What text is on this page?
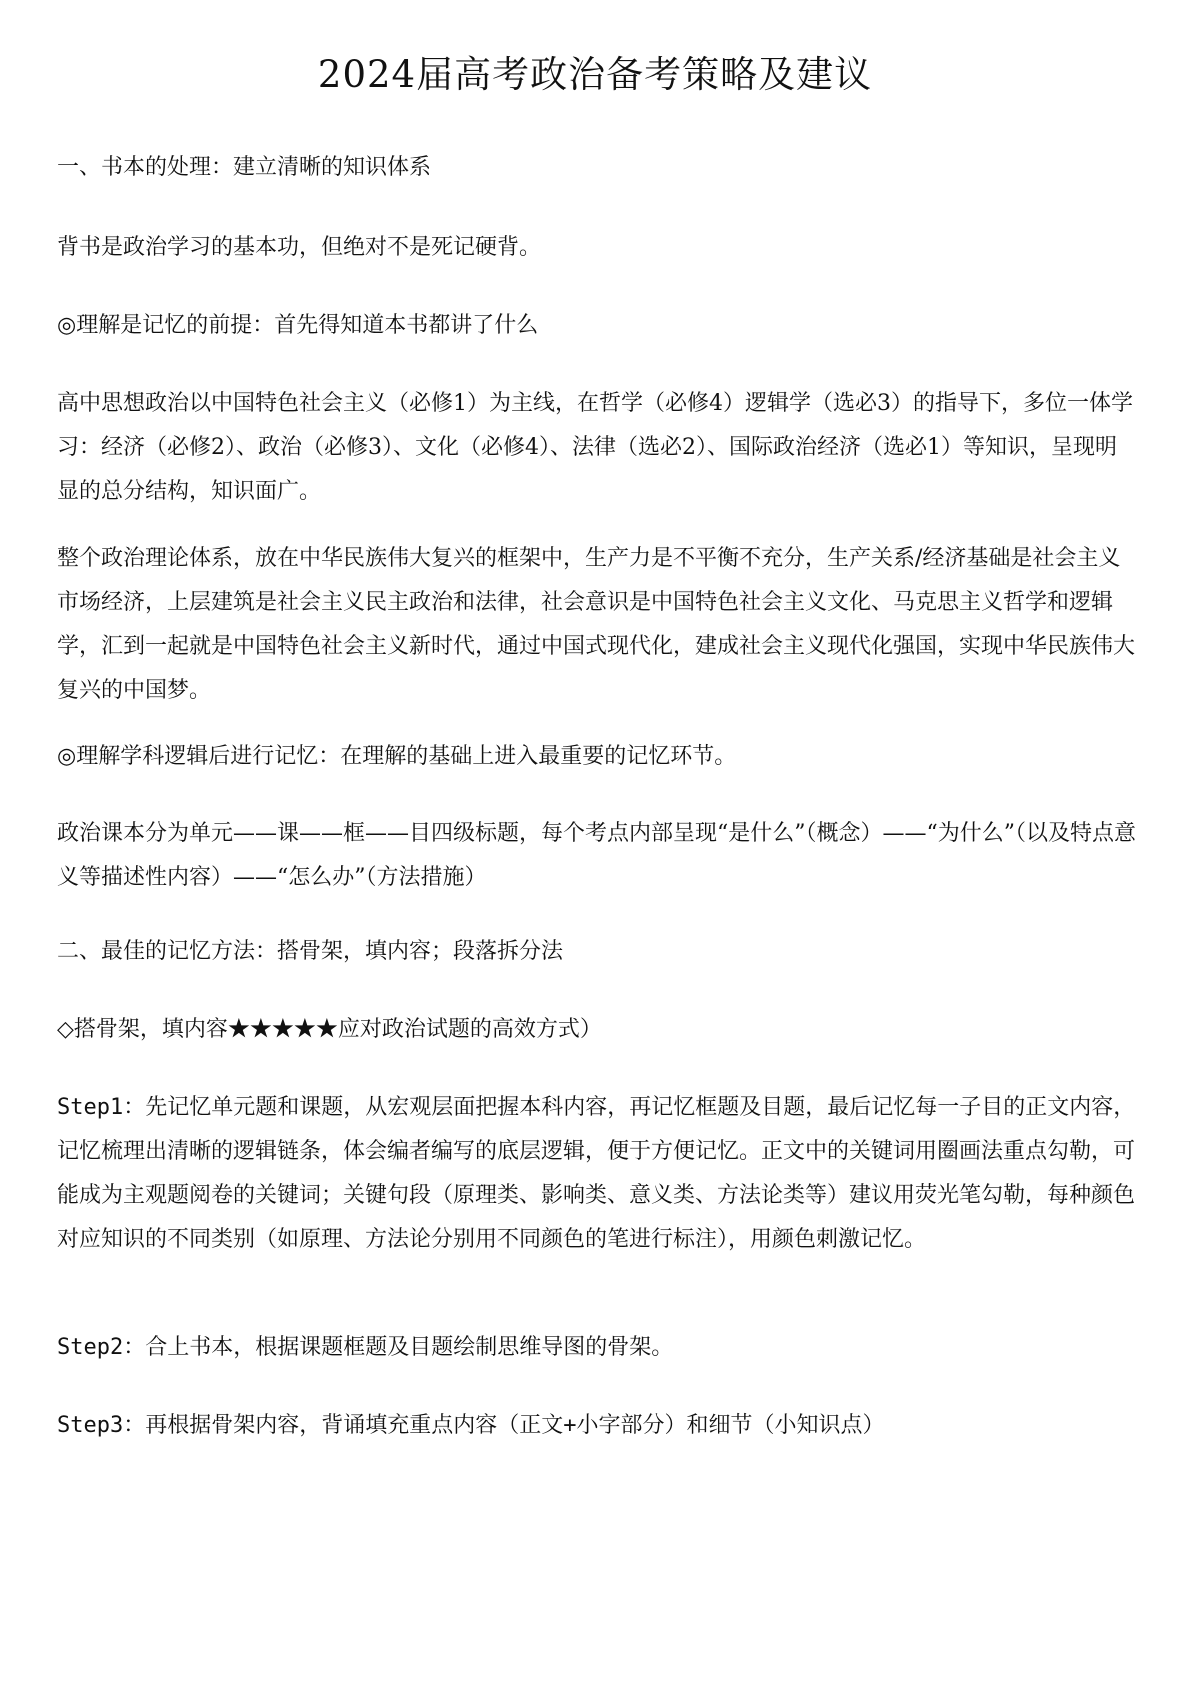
2024届高考政治备考策略及建议

一、书本的处理：建立清晰的知识体系

背书是政治学习的基本功，但绝对不是死记硬背。

◎理解是记忆的前提：首先得知道本书都讲了什么

高中思想政治以中国特色社会主义（必修1）为主线，在哲学（必修4）逻辑学（选必3）的指导下，多位一体学习：经济（必修2）、政治（必修3）、文化（必修4）、法律（选必2）、国际政治经济（选必1）等知识，呈现明显的总分结构，知识面广。

整个政治理论体系，放在中华民族伟大复兴的框架中，生产力是不平衡不充分，生产关系/经济基础是社会主义市场经济，上层建筑是社会主义民主政治和法律，社会意识是中国特色社会主义文化、马克思主义哲学和逻辑学，汇到一起就是中国特色社会主义新时代，通过中国式现代化，建成社会主义现代化强国，实现中华民族伟大复兴的中国梦。

◎理解学科逻辑后进行记忆：在理解的基础上进入最重要的记忆环节。

政治课本分为单元——课——框——目四级标题，每个考点内部呈现“是什么”（概念）——“为什么”（以及特点意义等描述性内容）——“怎么办”（方法措施）

二、最佳的记忆方法：搭骨架，填内容；段落拆分法

◇搭骨架，填内容★★★★★应对政治试题的高效方式）

Step1：先记忆单元题和课题，从宏观层面把握本科内容，再记忆框题及目题，最后记忆每一子目的正文内容，记忆梳理出清晰的逻辑链条，体会编者编写的底层逻辑，便于方便记忆。正文中的关键词用圈画法重点勾勒，可能成为主观题阅卷的关键词；关键句段（原理类、影响类、意义类、方法论类等）建议用荧光笔勾勒，每种颜色对应知识的不同类别（如原理、方法论分别用不同颜色的笔进行标注），用颜色刺激记忆。

Step2：合上书本，根据课题框题及目题绘制思维导图的骨架。

Step3：再根据骨架内容，背诵填充重点内容（正文+小字部分）和细节（小知识点）
